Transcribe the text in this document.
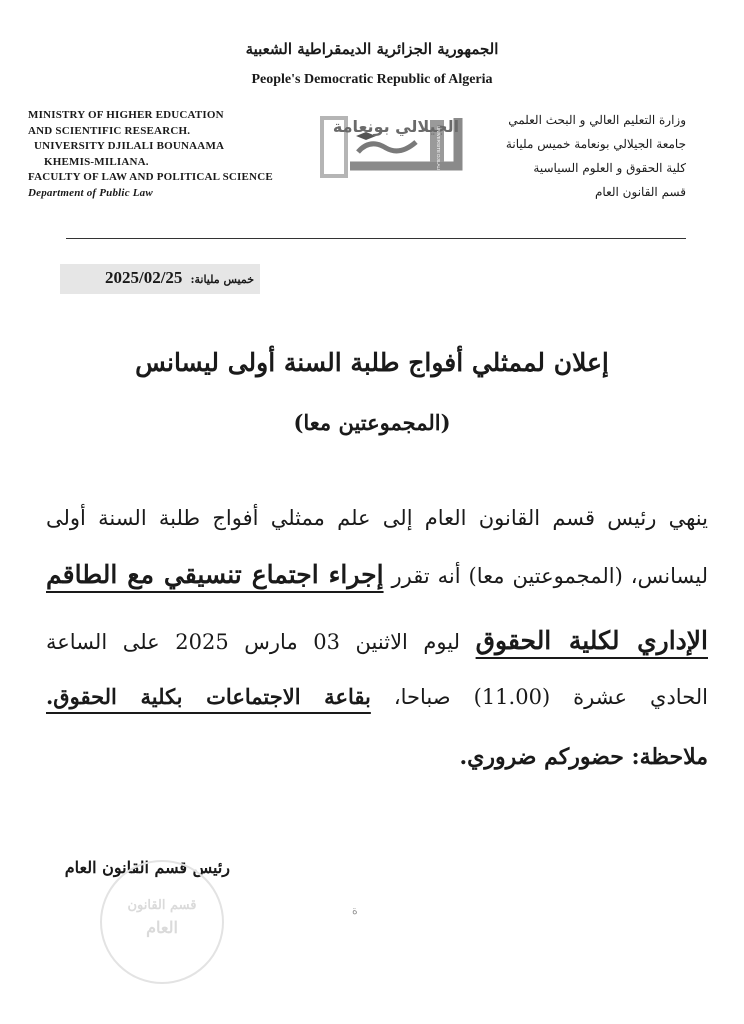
الجمهورية الجزائرية الديمقراطية الشعبية
People's Democratic Republic of Algeria
MINISTRY OF HIGHER EDUCATION
AND SCIENTIFIC RESEARCH.
UNIVERSITY DJILALI BOUNAAMA
KHEMIS-MILIANA.
FACULTY OF LAW AND POLITICAL SCIENCE
Department of Public Law
الجيلالي بونعامة
UNIVERSITE DJILALI BOUNAAMA
وزارة التعليم العالي و البحث العلمي
جامعة الجيلالي بونعامة خميس مليانة
كلية الحقوق و العلوم السياسية
قسم القانون العام
2025/02/25 خميس مليانة:
إعلان لممثلي أفواج طلبة السنة أولى ليسانس
(المجموعتين معا)
ينهي رئيس قسم القانون العام إلى علم ممثلي أفواج طلبة السنة أولى
ليسانس، (المجموعتين معا) أنه تقرر إجراء اجتماع تنسيقي مع الطاقم
الإداري لكلية الحقوق ليوم الاثنين 03 مارس 2025 على الساعة
الحادي عشرة (11.00) صباحا، بقاعة الاجتماعات بكلية الحقوق.
ملاحظة: حضوركم ضروري.
رئيس قسم القانون العام
قسم القانون
العام
ة
